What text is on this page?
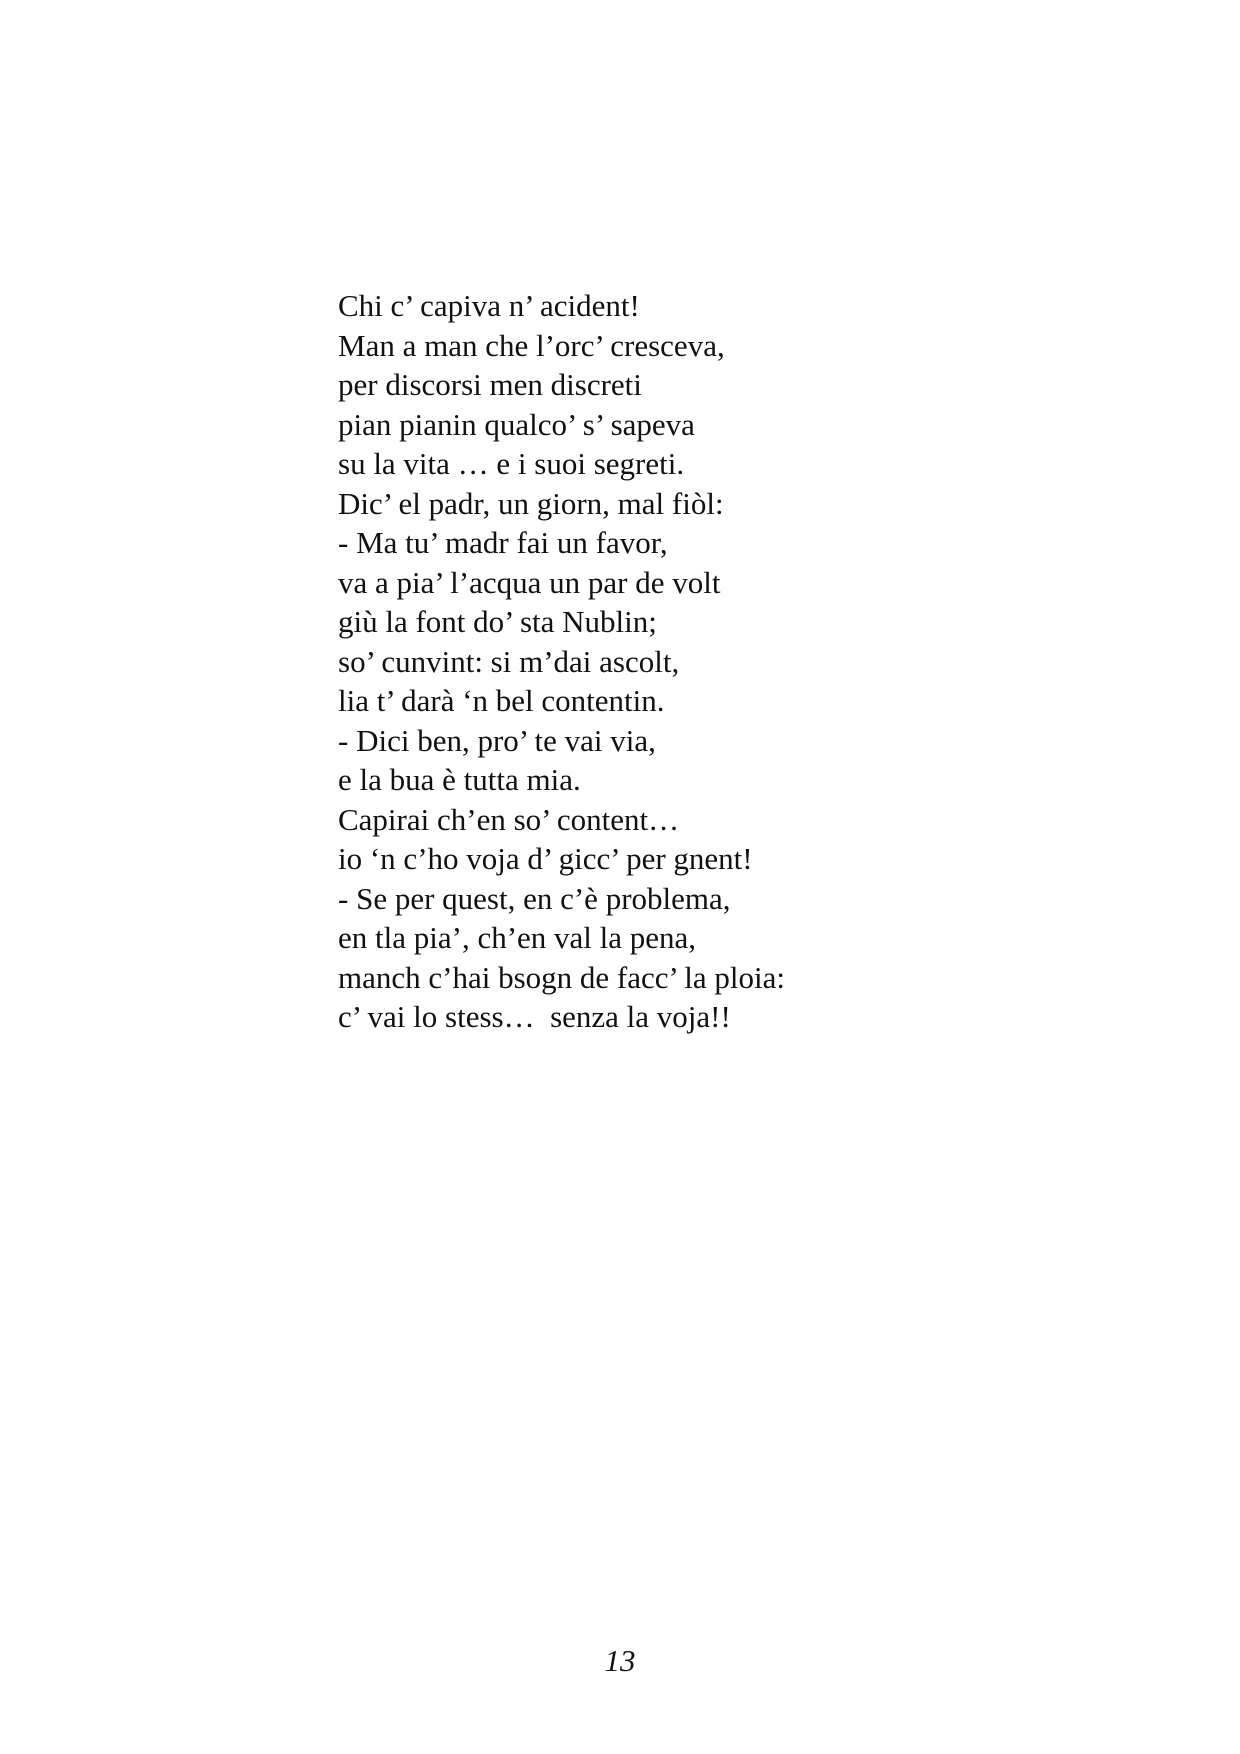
Chi c’ capiva n’ acident!
Man a man che l’orc’ cresceva,
per discorsi men discreti
pian pianin qualco’ s’ sapeva
su la vita … e i suoi segreti.
Dic’ el padr, un giorn, mal fiòl:
- Ma tu’ madr fai un favor,
va a pia’ l’acqua un par de volt
giù la font do’ sta Nublin;
so’ cunvint: si m’dai ascolt,
lia t’ darà ‘n bel contentin.
- Dici ben, pro’ te vai via,
e la bua è tutta mia.
Capirai ch’en so’ content…
io ‘n c’ho voja d’ gicc’ per gnent!
- Se per quest, en c’è problema,
en tla pia’, ch’en val la pena,
manch c’hai bsogn de facc’ la ploia:
c’ vai lo stess…  senza la voja!!
13
